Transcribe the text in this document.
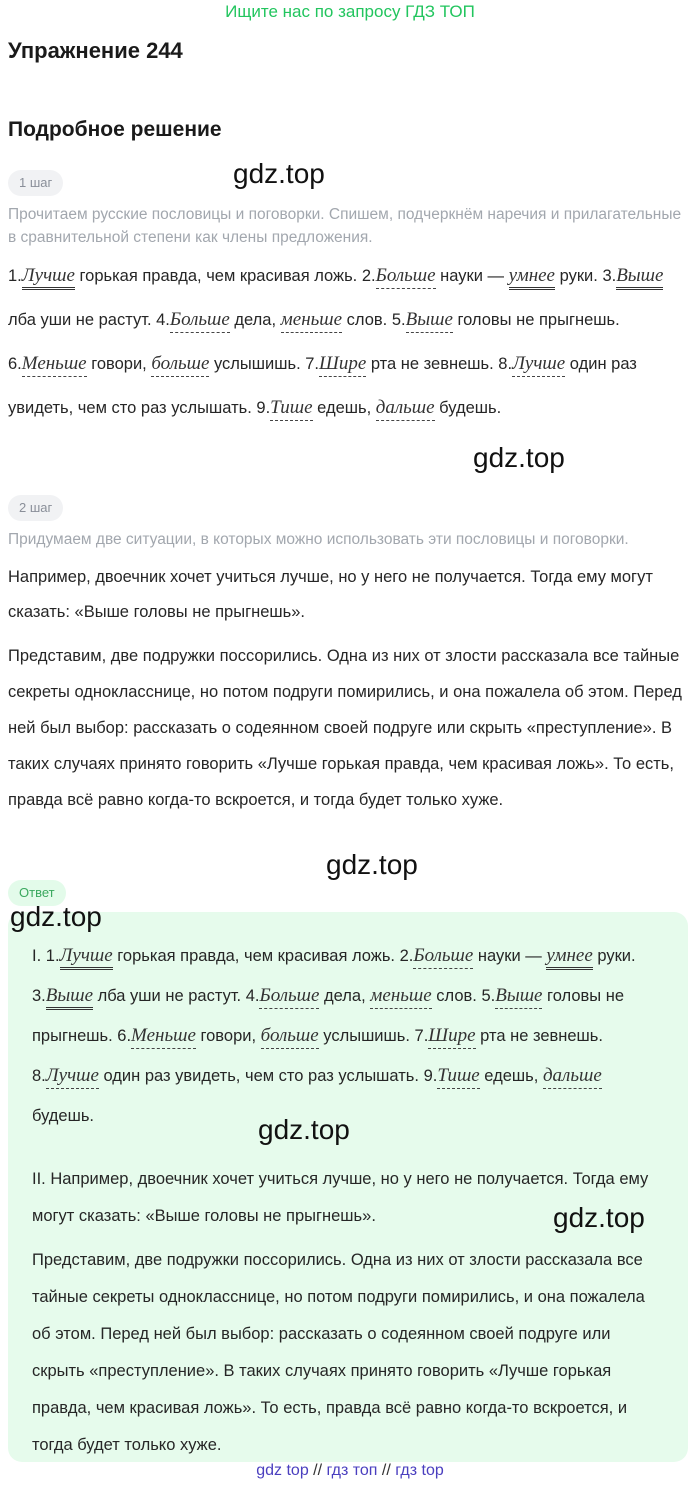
Ищите нас по запросу ГДЗ ТОП
Упражнение 244
Подробное решение
gdz.top
1 шаг
Прочитаем русские пословицы и поговорки. Спишем, подчеркнём наречия и прилагательные в сравнительной степени как члены предложения.
1.Лучше горькая правда, чем красивая ложь. 2.Больше науки — умнее руки. 3.Выше лба уши не растут. 4.Больше дела, меньше слов. 5.Выше головы не прыгнешь. 6.Меньше говори, больше услышишь. 7.Шире рта не зевнешь. 8.Лучше один раз увидеть, чем сто раз услышать. 9.Тише едешь, дальше будешь.
gdz.top
2 шаг
Придумаем две ситуации, в которых можно использовать эти пословицы и поговорки.
Например, двоечник хочет учиться лучше, но у него не получается. Тогда ему могут сказать: «Выше головы не прыгнешь».
Представим, две подружки поссорились. Одна из них от злости рассказала все тайные секреты однокласснице, но потом подруги помирились, и она пожалела об этом. Перед ней был выбор: рассказать о содеянном своей подруге или скрыть «преступление». В таких случаях принято говорить «Лучше горькая правда, чем красивая ложь». То есть, правда всё равно когда-то вскроется, и тогда будет только хуже.
gdz.top
Ответ
gdz.top
I. 1.Лучше горькая правда, чем красивая ложь. 2.Больше науки — умнее руки. 3.Выше лба уши не растут. 4.Больше дела, меньше слов. 5.Выше головы не прыгнешь. 6.Меньше говори, больше услышишь. 7.Шире рта не зевнешь. 8.Лучше один раз увидеть, чем сто раз услышать. 9.Тише едешь, дальше будешь.	gdz.top
II. Например, двоечник хочет учиться лучше, но у него не получается. Тогда ему могут сказать: «Выше головы не прыгнешь».	gdz.top
Представим, две подружки поссорились. Одна из них от злости рассказала все тайные секреты однокласснице, но потом подруги помирились, и она пожалела об этом. Перед ней был выбор: рассказать о содеянном своей подруге или скрыть «преступление». В таких случаях принято говорить «Лучше горькая правда, чем красивая ложь». То есть, правда всё равно когда-то вскроется, и тогда будет только хуже.
gdz top // гдз топ // гдз top
